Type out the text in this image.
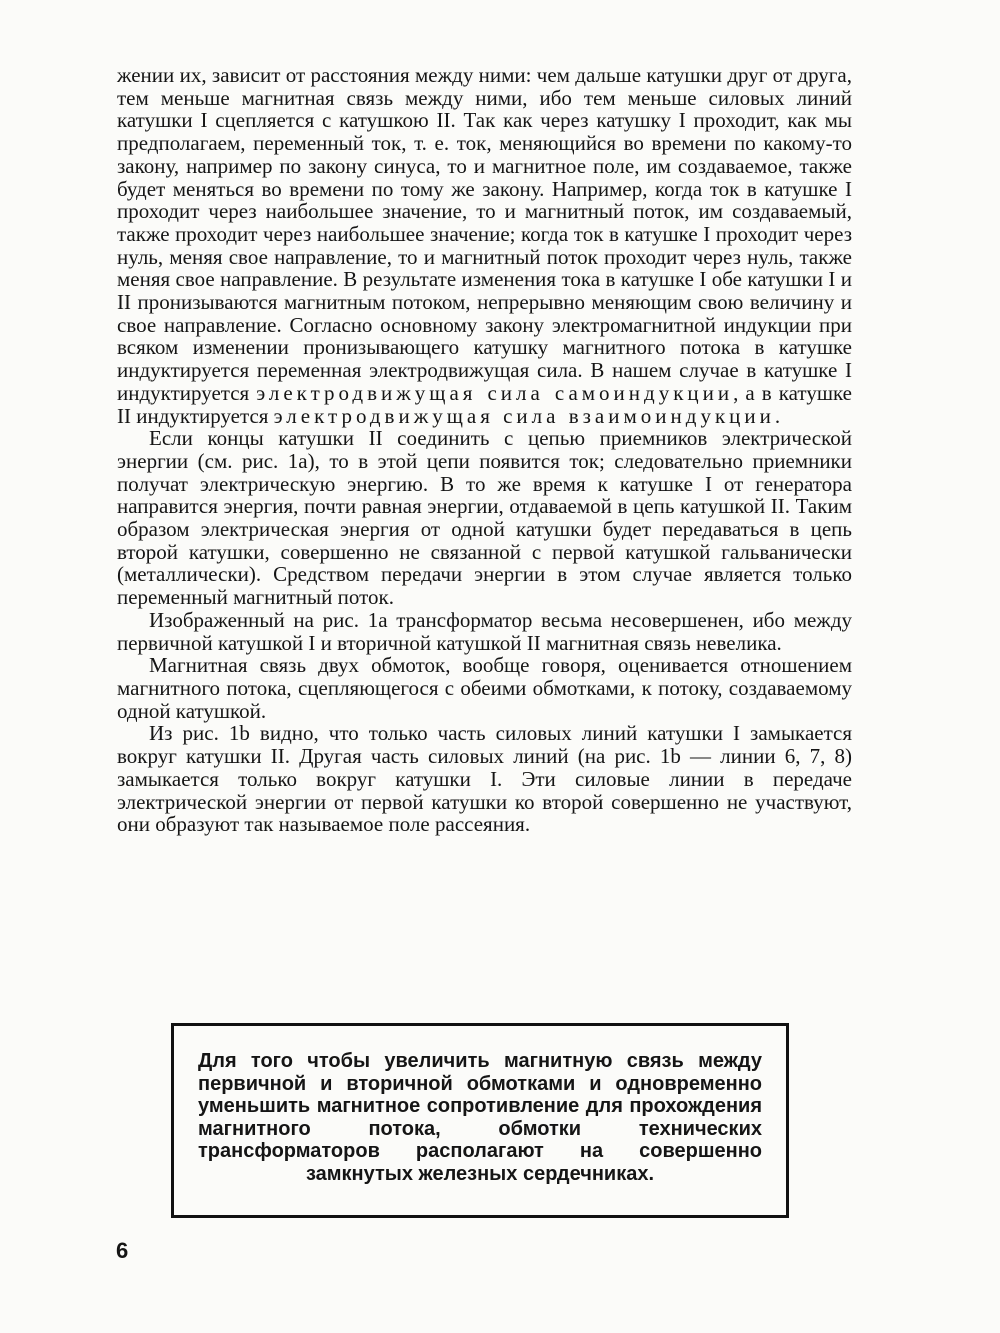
жении их, зависит от расстояния между ними: чем дальше катушки друг от друга, тем меньше магнитная связь между ними, ибо тем меньше силовых линий катушки I сцепляется с катушкою II. Так как через катушку I проходит, как мы предполагаем, переменный ток, т. е. ток, меняющийся во времени по какому-то закону, например по закону синуса, то и магнитное поле, им создаваемое, также будет меняться во времени по тому же закону. Например, когда ток в катушке I проходит через наибольшее значение, то и магнитный поток, им создаваемый, также проходит через наибольшее значение; когда ток в катушке I проходит через нуль, меняя свое направление, то и магнитный поток проходит через нуль, также меняя свое направление. В результате изменения тока в катушке I обе катушки I и II пронизываются магнитным потоком, непрерывно меняющим свою величину и свое направление. Согласно основному закону электромагнитной индукции при всяком изменении пронизывающего катушку магнитного потока в катушке индуктируется переменная электродвижущая сила. В нашем случае в катушке I индуктируется электродвижущая сила самоиндукции, а в катушке II индуктируется электродвижущая сила взаимоиндукции.

Если концы катушки II соединить с цепью приемников электрической энергии (см. рис. 1а), то в этой цепи появится ток; следовательно приемники получат электрическую энергию. В то же время к катушке I от генератора направится энергия, почти равная энергии, отдаваемой в цепь катушкой II. Таким образом электрическая энергия от одной катушки будет передаваться в цепь второй катушки, совершенно не связанной с первой катушкой гальванически (металлически). Средством передачи энергии в этом случае является только переменный магнитный поток.

Изображенный на рис. 1а трансформатор весьма несовершенен, ибо между первичной катушкой I и вторичной катушкой II магнитная связь невелика.

Магнитная связь двух обмоток, вообще говоря, оценивается отношением магнитного потока, сцепляющегося с обеими обмотками, к потоку, создаваемому одной катушкой.

Из рис. 1b видно, что только часть силовых линий катушки I замыкается вокруг катушки II. Другая часть силовых линий (на рис. 1b — линии 6, 7, 8) замыкается только вокруг катушки I. Эти силовые линии в передаче электрической энергии от первой катушки ко второй совершенно не участвуют, они образуют так называемое поле рассеяния.

Для того чтобы увеличить магнитную связь между первичной и вторичной обмотками и одновременно уменьшить магнитное сопротивление для прохождения магнитного потока, обмотки технических трансформаторов располагают на совершенно замкнутых железных сердечниках.
6
